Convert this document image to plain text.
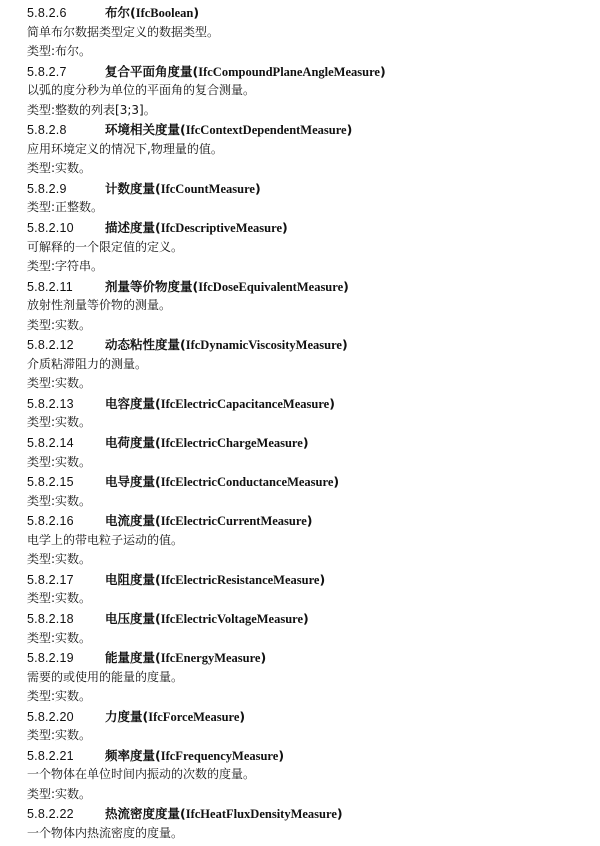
5.8.2.6	布尔(IfcBoolean)
简单布尔数据类型定义的数据类型。
类型:布尔。
5.8.2.7	复合平面角度量(IfcCompoundPlaneAngleMeasure)
以弧的度分秒为单位的平面角的复合测量。
类型:整数的列表[3;3]。
5.8.2.8	环境相关度量(IfcContextDependentMeasure)
应用环境定义的情况下,物理量的值。
类型:实数。
5.8.2.9	计数度量(IfcCountMeasure)
类型:正整数。
5.8.2.10 描述度量(IfcDescriptiveMeasure)
可解释的一个限定值的定义。
类型:字符串。
5.8.2.11	剂量等价物度量(IfcDoseEquivalentMeasure)
放射性剂量等价物的测量。
类型:实数。
5.8.2.12 动态粘性度量(IfcDynamicViscosityMeasure)
介质粘滞阻力的测量。
类型:实数。
5.8.2.13 电容度量(IfcElectricCapacitanceMeasure)
类型:实数。
5.8.2.14 电荷度量(IfcElectricChargeMeasure)
类型:实数。
5.8.2.15 电导度量(IfcElectricConductanceMeasure)
类型:实数。
5.8.2.16 电流度量(IfcElectricCurrentMeasure)
电学上的带电粒子运动的值。
类型:实数。
5.8.2.17 电阻度量(IfcElectricResistanceMeasure)
类型:实数。
5.8.2.18 电压度量(IfcElectricVoltageMeasure)
类型:实数。
5.8.2.19 能量度量(IfcEnergyMeasure)
需要的或使用的能量的度量。
类型:实数。
5.8.2.20 力度量(IfcForceMeasure)
类型:实数。
5.8.2.21 频率度量(IfcFrequencyMeasure)
一个物体在单位时间内振动的次数的度量。
类型:实数。
5.8.2.22 热流密度度量(IfcHeatFluxDensityMeasure)
一个物体内热流密度的度量。
